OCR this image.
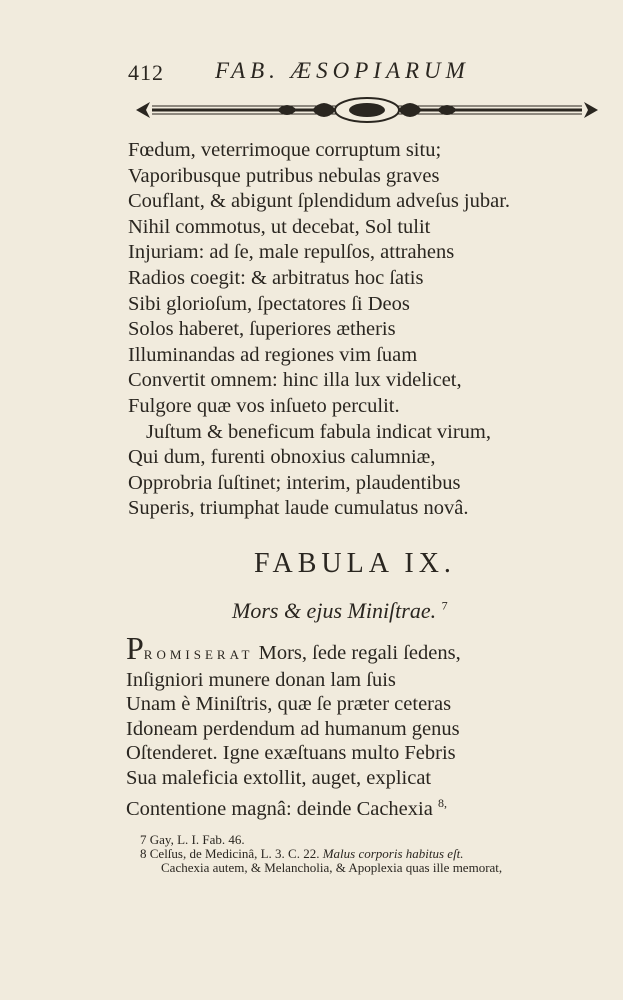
412 FAB. ÆSOPIARUM
Fœdum, veterrimoque corruptum situ;
Vaporibusque putribus nebulas graves
Couflant, & abigunt ſplendidum adveſus jubar.
Nihil commotus, ut decebat, Sol tulit
Injuriam: ad ſe, male repulſos, attrahens
Radios coegit: & arbitratus hoc ſatis
Sibi glorioſum, ſpectatores ſi Deos
Solos haberet, ſuperiores ætheris
Illuminandas ad regiones vim ſuam
Convertit omnem: hinc illa lux videlicet,
Fulgore quæ vos inſueto perculit.
Juſtum & beneficum fabula indicat virum,
Qui dum, furenti obnoxius calumniæ,
Opprobria ſuſtinet; interim, plaudentibus
Superis, triumphat laude cumulatus novâ.
FABULA IX.
Mors & ejus Miniſtrae. $^7$
PROMISERAT Mors, ſede regali ſedens,
Inſigniori munere donan lam ſuis
Unam è Miniſtris, quæ ſe præter ceteras
Idoneam perdendum ad humanum genus
Oſtenderet. Igne exæſtuans multo Febris
Sua maleficia extollit, auget, explicat
Contentione magnâ: deinde Cachexia $^{8,}$
7 Gay, L. I. Fab. 46.
8 Celſus, de Medicinâ, L. 3. C. 22. Malus corporis habitus eſt.
Cachexia autem, & Melancholia, & Apoplexia quas ille memorat,
